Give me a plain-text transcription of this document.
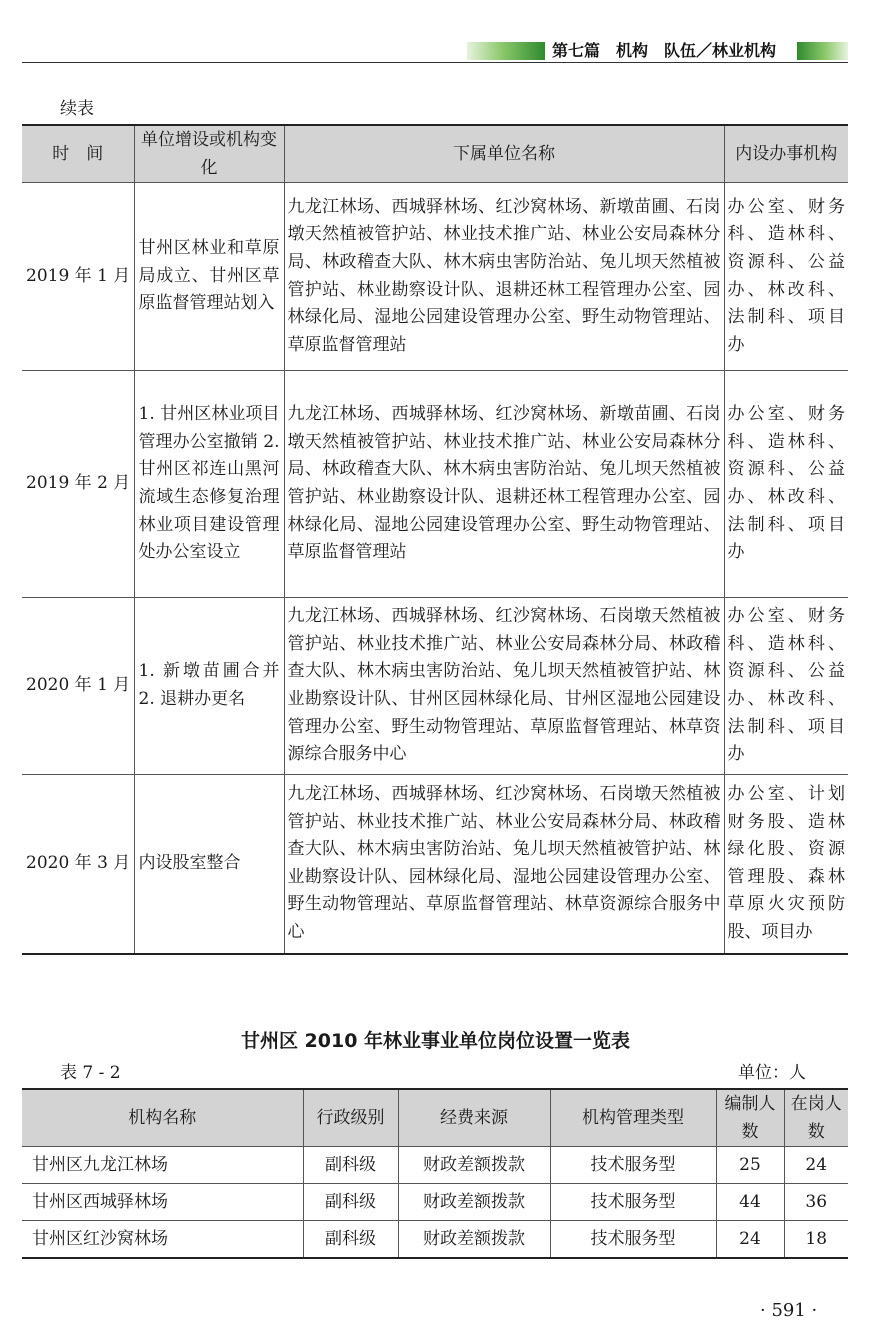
第七篇　机构　队伍／林业机构
续表
时　间	单位增设或机构变化	下属单位名称	内设办事机构
2019 年 1 月	甘州区林业和草原局成立、甘州区草原监督管理站划入	九龙江林场、西城驿林场、红沙窝林场、新墩苗圃、石岗墩天然植被管护站、林业技术推广站、林业公安局森林分局、林政稽查大队、林木病虫害防治站、兔儿坝天然植被管护站、林业勘察设计队、退耕还林工程管理办公室、园林绿化局、湿地公园建设管理办公室、野生动物管理站、草原监督管理站	办公室、财务科、造林科、资源科、公益办、林改科、法制科、项目办
2019 年 2 月	1. 甘州区林业项目管理办公室撤销 2. 甘州区祁连山黑河流域生态修复治理林业项目建设管理处办公室设立	九龙江林场、西城驿林场、红沙窝林场、新墩苗圃、石岗墩天然植被管护站、林业技术推广站、林业公安局森林分局、林政稽查大队、林木病虫害防治站、兔儿坝天然植被管护站、林业勘察设计队、退耕还林工程管理办公室、园林绿化局、湿地公园建设管理办公室、野生动物管理站、草原监督管理站	办公室、财务科、造林科、资源科、公益办、林改科、法制科、项目办
2020 年 1 月	1. 新墩苗圃合并 2. 退耕办更名	九龙江林场、西城驿林场、红沙窝林场、石岗墩天然植被管护站、林业技术推广站、林业公安局森林分局、林政稽查大队、林木病虫害防治站、兔儿坝天然植被管护站、林业勘察设计队、甘州区园林绿化局、甘州区湿地公园建设管理办公室、野生动物管理站、草原监督管理站、林草资源综合服务中心	办公室、财务科、造林科、资源科、公益办、林改科、法制科、项目办
2020 年 3 月	内设股室整合	九龙江林场、西城驿林场、红沙窝林场、石岗墩天然植被管护站、林业技术推广站、林业公安局森林分局、林政稽查大队、林木病虫害防治站、兔儿坝天然植被管护站、林业勘察设计队、园林绿化局、湿地公园建设管理办公室、野生动物管理站、草原监督管理站、林草资源综合服务中心	办公室、计划财务股、造林绿化股、资源管理股、森林草原火灾预防股、项目办
甘州区 2010 年林业事业单位岗位设置一览表
表 7 - 2	单位：人
机构名称	行政级别	经费来源	机构管理类型	编制人数	在岗人数
甘州区九龙江林场	副科级	财政差额拨款	技术服务型	25	24
甘州区西城驿林场	副科级	财政差额拨款	技术服务型	44	36
甘州区红沙窝林场	副科级	财政差额拨款	技术服务型	24	18
· 591 ·
